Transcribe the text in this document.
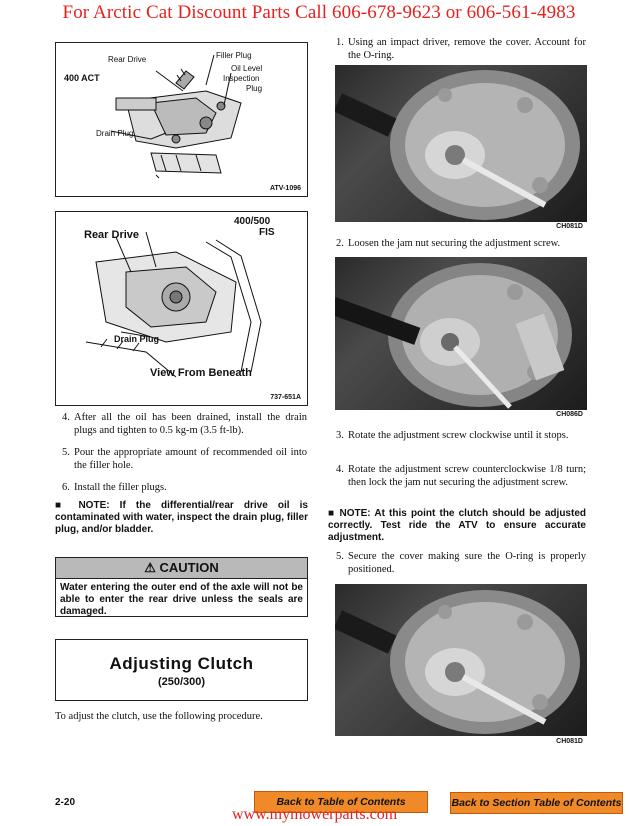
For Arctic Cat Discount Parts Call 606-678-9623 or 606-561-4983
400 ACT
Rear Drive	Filler Plug
Oil Level
Inspection
Plug
Drain Plug
ATV-1096
400/500
FIS
Rear Drive
Drain Plug
View From Beneath
737-651A
4. After all the oil has been drained, install the drain plugs and tighten to 0.5 kg-m (3.5 ft-lb).
5. Pour the appropriate amount of recommended oil into the filler hole.
6. Install the filler plugs.
■ NOTE: If the differential/rear drive oil is contaminated with water, inspect the drain plug, filler plug, and/or bladder.
⚠ CAUTION
Water entering the outer end of the axle will not be able to enter the rear drive unless the seals are damaged.
Adjusting Clutch
(250/300)
To adjust the clutch, use the following procedure.
1. Using an impact driver, remove the cover. Account for the O-ring.
CH081D
2. Loosen the jam nut securing the adjustment screw.
CH086D
3. Rotate the adjustment screw clockwise until it stops.
4. Rotate the adjustment screw counterclockwise 1/8 turn; then lock the jam nut securing the adjustment screw.
■ NOTE: At this point the clutch should be adjusted correctly. Test ride the ATV to ensure accurate adjustment.
5. Secure the cover making sure the O-ring is properly positioned.
CH081D
2-20	Back to Table of Contents	Back to Section Table of Contents
www.mymowerparts.com
